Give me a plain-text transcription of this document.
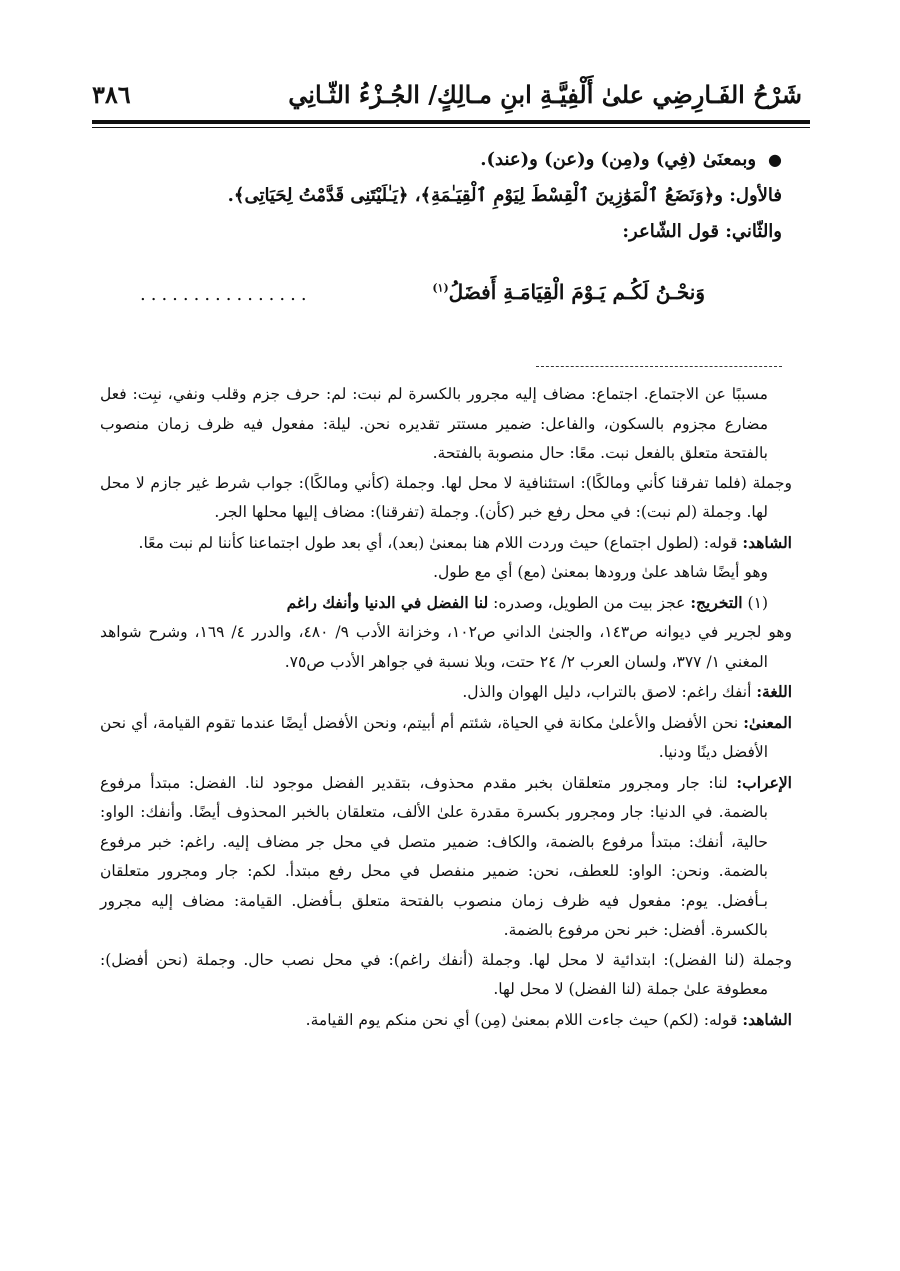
شَرْحُ الفَـارِضِي علىٰ أَلْفِيَّـةِ ابنِ مـالِكٍ/ الجُـزْءُ الثّـانِي
٣٨٦
●وبمعنَىٰ (فِي) و(مِن) و(عن) و(عند).
فالأول: و﴿وَنَضَعُ ٱلْمَوَٰزِينَ ٱلْقِسْطَ لِيَوْمِ ٱلْقِيَـٰمَةِ﴾، ﴿يَـٰلَيْتَنِى قَدَّمْتُ لِحَيَاتِى﴾.
والثّاني: قول الشّاعر:
وَنحْـنُ لَكُـم يَـوْمَ الْقِيَامَـةِ أَفضَلُ$^{(١)}$
................

مسببًا عن الاجتماع. اجتماع: مضاف إليه مجرور بالكسرة لم نبت: لم: حرف جزم وقلب ونفي، نبِت: فعل مضارع مجزوم بالسكون، والفاعل: ضمير مستتر تقديره نحن. ليلة: مفعول فيه ظرف زمان منصوب بالفتحة متعلق بالفعل نبت. معًا: حال منصوبة بالفتحة.

وجملة (فلما تفرقنا كأني ومالكًا): استئنافية لا محل لها. وجملة (كأني ومالكًا): جواب شرط غير جازم لا محل لها. وجملة (لم نبت): في محل رفع خبر (كأن). وجملة (تفرقنا): مضاف إليها محلها الجر.

الشاهد: قوله: (لطول اجتماع) حيث وردت اللام هنا بمعنىٰ (بعد)، أي بعد طول اجتماعنا كأننا لم نبت معًا.

وهو أيضًا شاهد علىٰ ورودها بمعنىٰ (مع) أي مع طول.

(١) التخريج: عجز بيت من الطويل، وصدره: لنا الفضل في الدنيا وأنفك راغم

وهو لجرير في ديوانه ص١٤٣، والجنىٰ الداني ص١٠٢، وخزانة الأدب ٩/ ٤٨٠، والدرر ٤/ ١٦٩، وشرح شواهد المغني ١/ ٣٧٧، ولسان العرب ٢/ ٢٤ حتت، وبلا نسبة في جواهر الأدب ص٧٥.

اللغة: أنفك راغم: لاصق بالتراب، دليل الهوان والذل.

المعنىٰ: نحن الأفضل والأعلىٰ مكانة في الحياة، شئتم أم أبيتم، ونحن الأفضل أيضًا عندما تقوم القيامة، أي نحن الأفضل دينًا ودنيا.

الإعراب: لنا: جار ومجرور متعلقان بخبر مقدم محذوف، بتقدير الفضل موجود لنا. الفضل: مبتدأ مرفوع بالضمة. في الدنيا: جار ومجرور بكسرة مقدرة علىٰ الألف، متعلقان بالخبر المحذوف أيضًا. وأنفك: الواو: حالية، أنفك: مبتدأ مرفوع بالضمة، والكاف: ضمير متصل في محل جر مضاف إليه. راغم: خبر مرفوع بالضمة. ونحن: الواو: للعطف، نحن: ضمير منفصل في محل رفع مبتدأ. لكم: جار ومجرور متعلقان بـأفضل. يوم: مفعول فيه ظرف زمان منصوب بالفتحة متعلق بـأفضل. القيامة: مضاف إليه مجرور بالكسرة. أفضل: خبر نحن مرفوع بالضمة.

وجملة (لنا الفضل): ابتدائية لا محل لها. وجملة (أنفك راغم): في محل نصب حال. وجملة (نحن أفضل): معطوفة علىٰ جملة (لنا الفضل) لا محل لها.

الشاهد: قوله: (لكم) حيث جاءت اللام بمعنىٰ (مِن) أي نحن منكم يوم القيامة.
